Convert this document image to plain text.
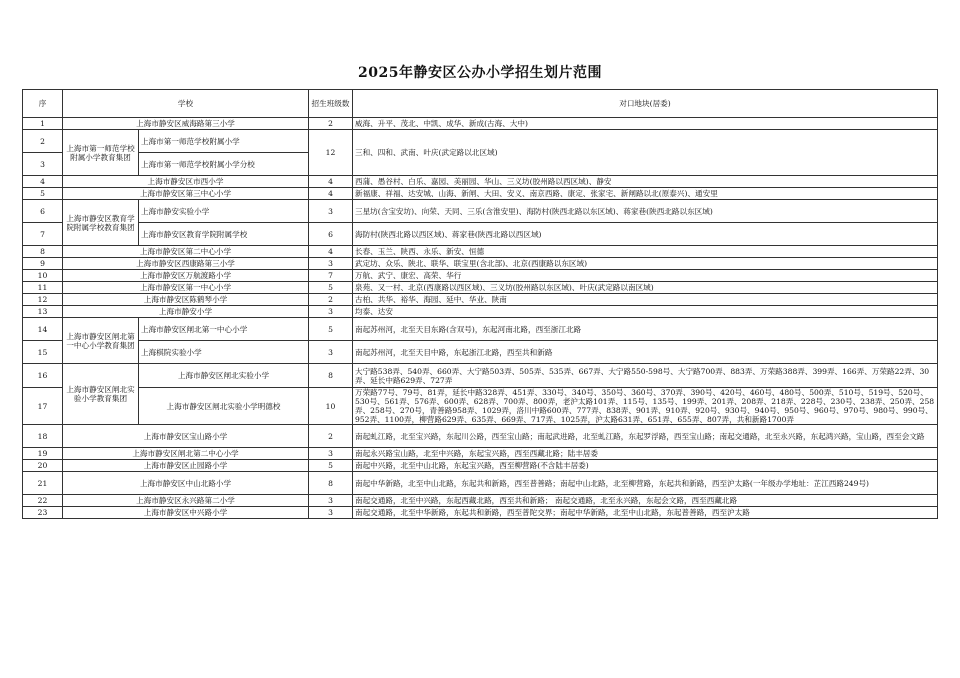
2025年静安区公办小学招生划片范围
序	学校		招生班级数	对口地块(居委)
1	上海市静安区威海路第三小学		2	威海、升平、茂北、中凯、成华、新成(古海、大中)
2	上海市第一师范学校附属小学教育集团	上海市第一师范学校附属小学	12	三和、四和、武南、叶庆(武定路以北区域)
3		上海市第一师范学校附属小学分校		
4	上海市静安区市西小学		4	西蒲、愚谷村、白乐、嘉园、美丽园、华山、三义坊(胶州路以西区域)、静安
5	上海市静安区第三中心小学		4	新福康、祥福、达安城、山海、新闸、大田、安义、南京西路、康定、张家宅、新闸路以北(原泰兴)、通安里
6	上海市静安区教育学院附属学校教育集团	上海市静安实验小学	3	三星坊(含宝安坊)、向荣、天同、三乐(含淮安里)、海防村(陕西北路以东区域)、蒋家巷(陕西北路以东区域)
7		上海市静安区教育学院附属学校	6	海防村(陕西北路以西区域)、蒋家巷(陕西北路以西区域)
8	上海市静安区第二中心小学		4	长春、玉兰、陕西、永乐、新安、恒德
9	上海市静安区西康路第三小学		3	武定坊、众乐、陕北、联华、联宝里(含北部)、北京(西康路以东区域)
10	上海市静安区万航渡路小学		7	万航、武宁、康宏、高荣、华行
11	上海市静安区第一中心小学		5	泉苑、又一村、北京(西康路以西区域)、三义坊(胶州路以东区域)、叶庆(武定路以南区域)
12	上海市静安区陈鹤琴小学		2	古柏、共华、裕华、海园、延中、华业、陕南
13	上海市静安小学		3	均泰、达安
14	上海市静安区闸北第一中心小学教育集团	上海市静安区闸北第一中心小学	5	南起苏州河，北至天目东路(含双号)，东起河南北路，西至浙江北路
15		上海棋院实验小学	3	南起苏州河，北至天目中路，东起浙江北路，西至共和新路
16	上海市静安区闸北实验小学教育集团	上海市静安区闸北实验小学	8	大宁路538弄、540弄、660弄、大宁路503弄、505弄、535弄、667弄、大宁路550-598号、大宁路700弄、883弄、万荣路388弄、399弄、166弄、万荣路22弄、30弄、延长中路629弄、727弄
17		上海市静安区闸北实验小学明德校	10	万荣路77号、79号、81弄，延长中路328弄、451弄、330号、340号、350号、360号、370弄、390号、420号、460号、480号、500弄、510号、519号、520号、530号、561弄、576弄、600弄、628弄、700弄、800弄，老沪太路101弄、115号、135号、199弄、201弄、208弄、218弄、228号、230号、238弄、250弄、258弄、258号、270号，青善路958弄、1029弄，洛川中路600弄、777弄、838弄、901弄、910弄、920号、930号、940号、950号、960号、970号、980号、990号、952弄、1100弄，柳营路629弄、635弄、669弄、717弄、1025弄，沪太路631弄、651弄、655弄、807弄，共和新路1700弄
18	上海市静安区宝山路小学		2	南起虬江路，北至宝兴路，东起川公路，西至宝山路；南起武进路，北至虬江路，东起罗浮路，西至宝山路；南起交通路，北至永兴路，东起鸿兴路，宝山路，西至会文路
19	上海市静安区闸北第二中心小学		3	南起永兴路宝山路，北至中兴路，东起宝兴路，西至西藏北路；陆丰居委
20	上海市静安区止园路小学		5	南起中兴路，北至中山北路，东起宝兴路，西至柳营路(不含陆丰居委)
21	上海市静安区中山北路小学		8	南起中华新路，北至中山北路，东起共和新路，西至普善路；南起中山北路，北至柳营路，东起共和新路，西至沪太路(一年级办学地址：芷江西路249号)
22	上海市静安区永兴路第二小学		3	南起交通路，北至中兴路，东起西藏北路，西至共和新路； 南起交通路，北至永兴路，东起会文路，西至西藏北路
23	上海市静安区中兴路小学		3	南起交通路，北至中华新路，东起共和新路，西至普陀交界；南起中华新路，北至中山北路，东起普善路，西至沪太路
